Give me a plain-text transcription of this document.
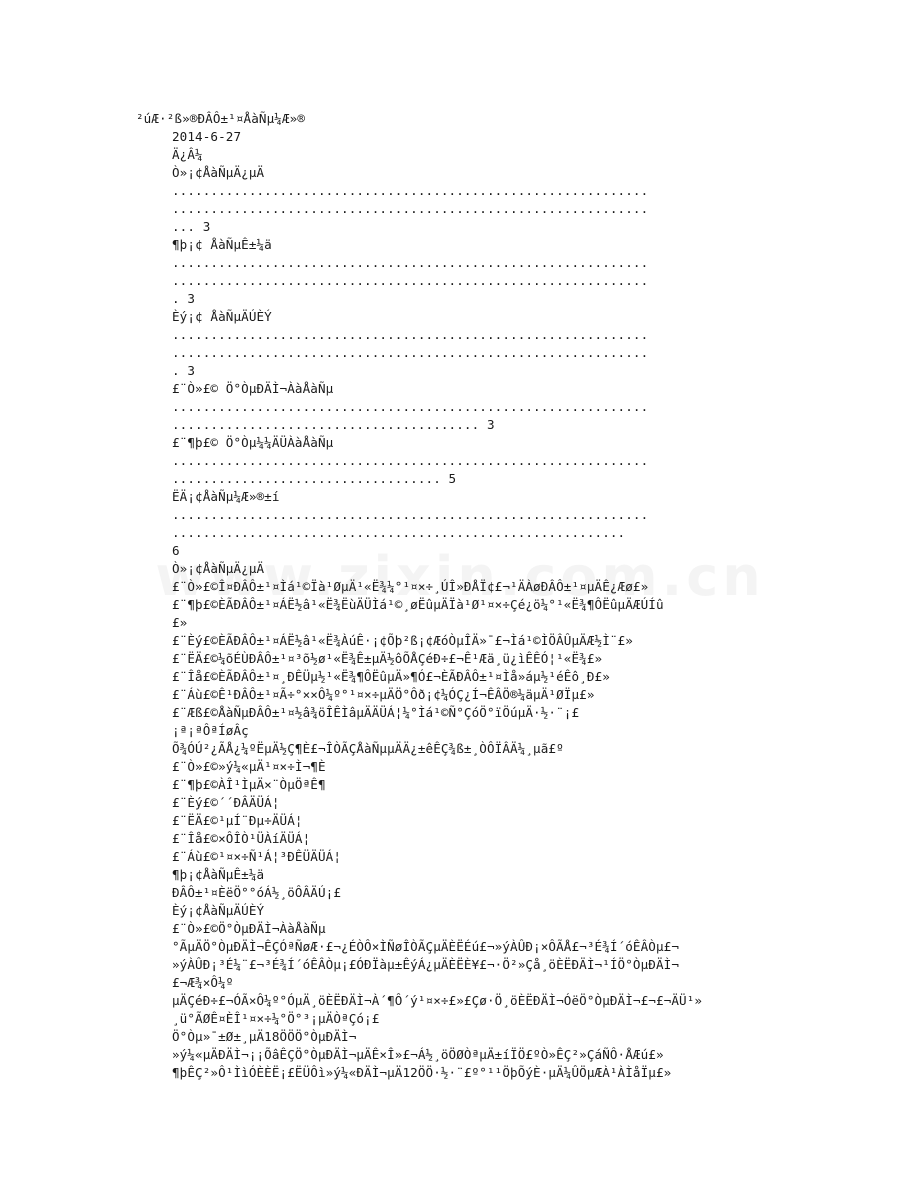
²úÆ·²ß»®ÐÂÔ±¹¤ÅàÑµ¼Æ»®
2014-6-27
Ä¿Â¼
Ò»¡¢ÅàÑµÄ¿µÄ
..............................................................
..............................................................
... 3
¶þ¡¢ ÅàÑµÊ±¼ä
..............................................................
..............................................................
. 3
Èý¡¢ ÅàÑµÄÚÈÝ
..............................................................
..............................................................
. 3
£¨Ò»£© Ö°ÒµÐÄÌ¬ÀàÅàÑµ
..............................................................
........................................ 3
£¨¶þ£© Ö°Òµ¼¼ÄÜÀàÅàÑµ
..............................................................
................................... 5
ËÄ¡¢ÅàÑµ¼Æ»®±í
..............................................................
...........................................................
6
Ò»¡¢ÅàÑµÄ¿µÄ
£¨Ò»£©Î¤ÐÂÔ±¹¤Ìá¹©Ïà¹ØµÄ¹«Ë¾¼°¹¤×÷¸ÚÎ»ÐÅÏ¢£¬¹ÄÀøÐÂÔ±¹¤µÄÊ¿Æø£»
£¨¶þ£©ÈÃÐÂÔ±¹¤ÁË½â¹«Ë¾ËùÄÜÌá¹©¸øËûµÄÏà¹Ø¹¤×÷Çé¿ö¼°¹«Ë¾¶ÔËûµÄÆÚÍû
£»
£¨Èý£©ÈÃÐÂÔ±¹¤ÁË½â¹«Ë¾ÀúÊ·¡¢Õþ²ß¡¢ÆóÒµÎÄ»¯£¬Ìá¹©ÌÖÂÛµÄÆ½Ì¨£»
£¨ËÄ£©¼õÉÙÐÂÔ±¹¤³õ½ø¹«Ë¾Ê±µÄ½ôÕÅÇéÐ÷£¬Ê¹Æä¸ü¿ìÊÊÓ¦¹«Ë¾£»
£¨Îå£©ÈÃÐÂÔ±¹¤¸ÐÊÜµ½¹«Ë¾¶ÔËûµÄ»¶Ó£¬ÈÃÐÂÔ±¹¤Ìå»áµ½¹éÊô¸Ð£»
£¨Áù£©Ê¹ÐÂÔ±¹¤Ã÷°××Ô¼º°¹¤×÷µÄÖ°Ôð¡¢¼ÓÇ¿Í¬ÊÂÖ®¼äµÄ¹ØÏµ£»
£¨Æß£©ÅàÑµÐÂÔ±¹¤½â¾öÎÊÌâµÄÄÜÁ¦¼°Ìá¹©Ñ°ÇóÖ°ïÖúµÄ·½·¨¡£
¡ª¡ªÔªÍøÂç
Õ¾ÓÚ²¿ÃÅ¿¼ºËµÄ½Ç¶È£¬ÎÒÃÇÅàÑµµÄÄ¿±êÊÇ¾ß±¸ÒÔÏÂÄ¼¸µã£º
£¨Ò»£©»ý¼«µÄ¹¤×÷Ì¬¶È
£¨¶þ£©ÀÎ¹ÌµÄ×¨ÒµÖªÊ¶
£¨Èý£©´´ÐÂÄÜÁ¦
£¨ËÄ£©¹µÍ¨Ðµ÷ÄÜÁ¦
£¨Îå£©×ÔÎÒ¹ÜÀíÄÜÁ¦
£¨Áù£©¹¤×÷Ñ¹Á¦³ÐÊÜÄÜÁ¦
¶þ¡¢ÅàÑµÊ±¼ä
ÐÂÔ±¹¤ÈëÖ°°óÁ½¸öÔÂÄÚ¡£
Èý¡¢ÅàÑµÄÚÈÝ
£¨Ò»£©Ö°ÒµÐÄÌ¬ÀàÅàÑµ
°ÃµÄÖ°ÒµÐÄÌ¬ÊÇÓªÑøÆ·£¬¿ÉÒÔ×ÌÑøÎÒÃÇµÄÈËÉú£¬»ýÀÛÐ¡×ÔÃÅ£¬³É¾Í´óÊÂÒµ£¬
»ýÀÛÐ¡³É¼¨£¬³É¾Í´óÊÂÒµ¡£ÓÐÏàµ±ÊýÁ¿µÄÈËÈ¥£¬·Ö²»Çå¸öÈËÐÄÌ¬¹ÍÖ°ÒµÐÄÌ¬
£¬Æ¾×Ô¼º
µÄÇéÐ÷£¬ÓÃ×Ô¼º°ÓµÄ¸öÈËÐÄÌ¬À´¶Ô´ý¹¤×÷£»£Çø·Ö¸öÈËÐÄÌ¬ÓëÖ°ÒµÐÄÌ¬£¬£¬ÄÜ¹»
¸ü°ÃØÊ¤ÈÎ¹¤×÷¼°Ö°³¡µÄÒªÇó¡£
Ö°Òµ»¯±Ø±¸µÄ18ÖÖÖ°ÒµÐÄÌ¬
»ý¼«µÄÐÄÌ¬¡¡ÕâÊÇÖ°ÒµÐÄÌ¬µÄÊ×Î»£¬Á½¸öÖØÒªµÄ±íÏÖ£ºÒ»ÊÇ²»ÇáÑÔ·ÅÆú£»
¶þÊÇ²»Ô¹ÌìÓÈÈË¡£ËÜÔì»ý¼«ÐÄÌ¬µÄ12ÖÖ·½·¨£º°¹¹ÖþÕýÈ·µÄ¼ÛÖµÆÀ¹ÀÌåÏµ£»
